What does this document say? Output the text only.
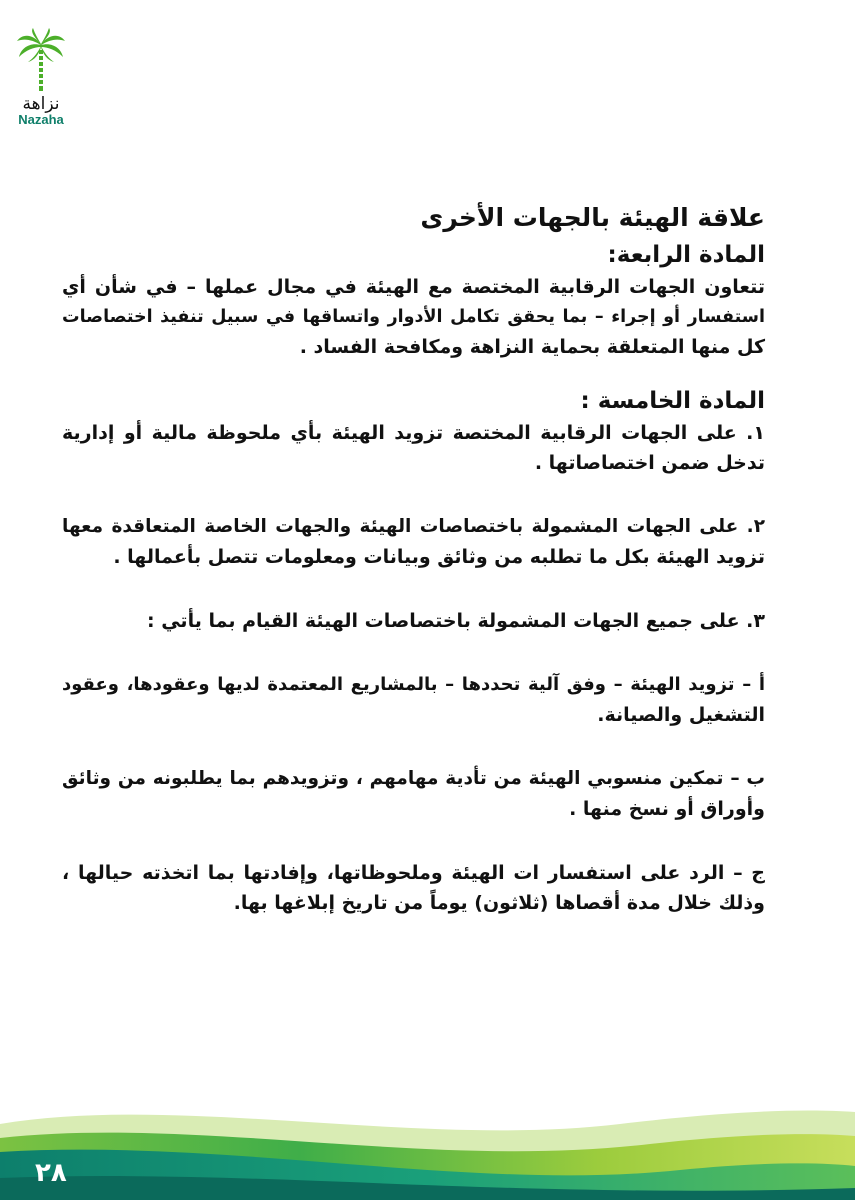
نزاهة
Nazaha
علاقة الهيئة بالجهات الأخرى
المادة الرابعة:
تتعاون الجهات الرقابية المختصة مع الهيئة في مجال عملها – في شأن أي
استفسار أو إجراء – بما يحقق تكامل الأدوار واتساقها في سبيل تنفيذ اختصاصات
كل منها المتعلقة بحماية النزاهة ومكافحة الفساد .
المادة الخامسة :
١. على الجهات الرقابية المختصة تزويد الهيئة بأي ملحوظة مالية أو إدارية
تدخل ضمن اختصاصاتها .
٢. على الجهات المشمولة باختصاصات الهيئة والجهات الخاصة المتعاقدة معها
تزويد الهيئة بكل ما تطلبه من وثائق وبيانات ومعلومات تتصل بأعمالها .
٣. على جميع الجهات المشمولة باختصاصات الهيئة القيام بما يأتي :
أ – تزويد الهيئة – وفق آلية تحددها – بالمشاريع المعتمدة لديها وعقودها، وعقود
التشغيل والصيانة.
ب – تمكين منسوبي الهيئة من تأدية مهامهم ، وتزويدهم بما يطلبونه من وثائق
وأوراق أو نسخ منها .
ج – الرد على استفسار ات الهيئة وملحوظاتها، وإفادتها بما اتخذته حيالها ،
وذلك خلال مدة أقصاها (ثلاثون) يوماً من تاريخ إبلاغها بها.
٢٨
